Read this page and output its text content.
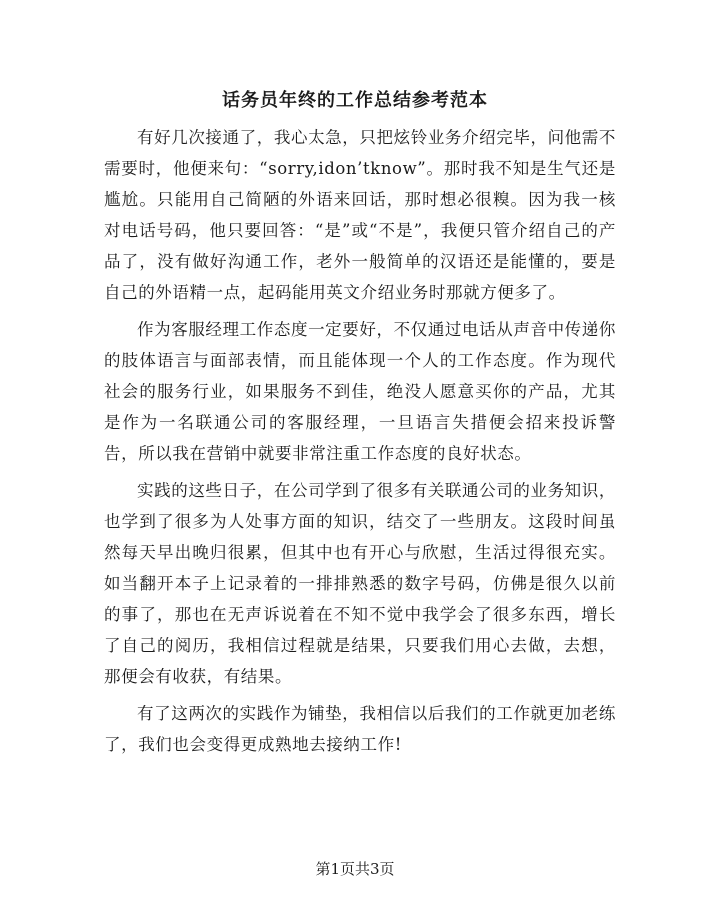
话务员年终的工作总结参考范本

有好几次接通了，我心太急，只把炫铃业务介绍完毕，问他需不需要时，他便来句：“sorry,idon’tknow”。那时我不知是生气还是尴尬。只能用自己简陋的外语来回话，那时想必很糗。因为我一核对电话号码，他只要回答：“是”或“不是”，我便只管介绍自己的产品了，没有做好沟通工作，老外一般简单的汉语还是能懂的，要是自己的外语精一点，起码能用英文介绍业务时那就方便多了。

作为客服经理工作态度一定要好，不仅通过电话从声音中传递你的肢体语言与面部表情，而且能体现一个人的工作态度。作为现代社会的服务行业，如果服务不到佳，绝没人愿意买你的产品，尤其是作为一名联通公司的客服经理，一旦语言失措便会招来投诉警告，所以我在营销中就要非常注重工作态度的良好状态。

实践的这些日子，在公司学到了很多有关联通公司的业务知识，也学到了很多为人处事方面的知识，结交了一些朋友。这段时间虽然每天早出晚归很累，但其中也有开心与欣慰，生活过得很充实。如当翻开本子上记录着的一排排熟悉的数字号码，仿佛是很久以前的事了，那也在无声诉说着在不知不觉中我学会了很多东西，增长了自己的阅历，我相信过程就是结果，只要我们用心去做，去想，那便会有收获，有结果。

有了这两次的实践作为铺垫，我相信以后我们的工作就更加老练了，我们也会变得更成熟地去接纳工作!

第1页共3页
